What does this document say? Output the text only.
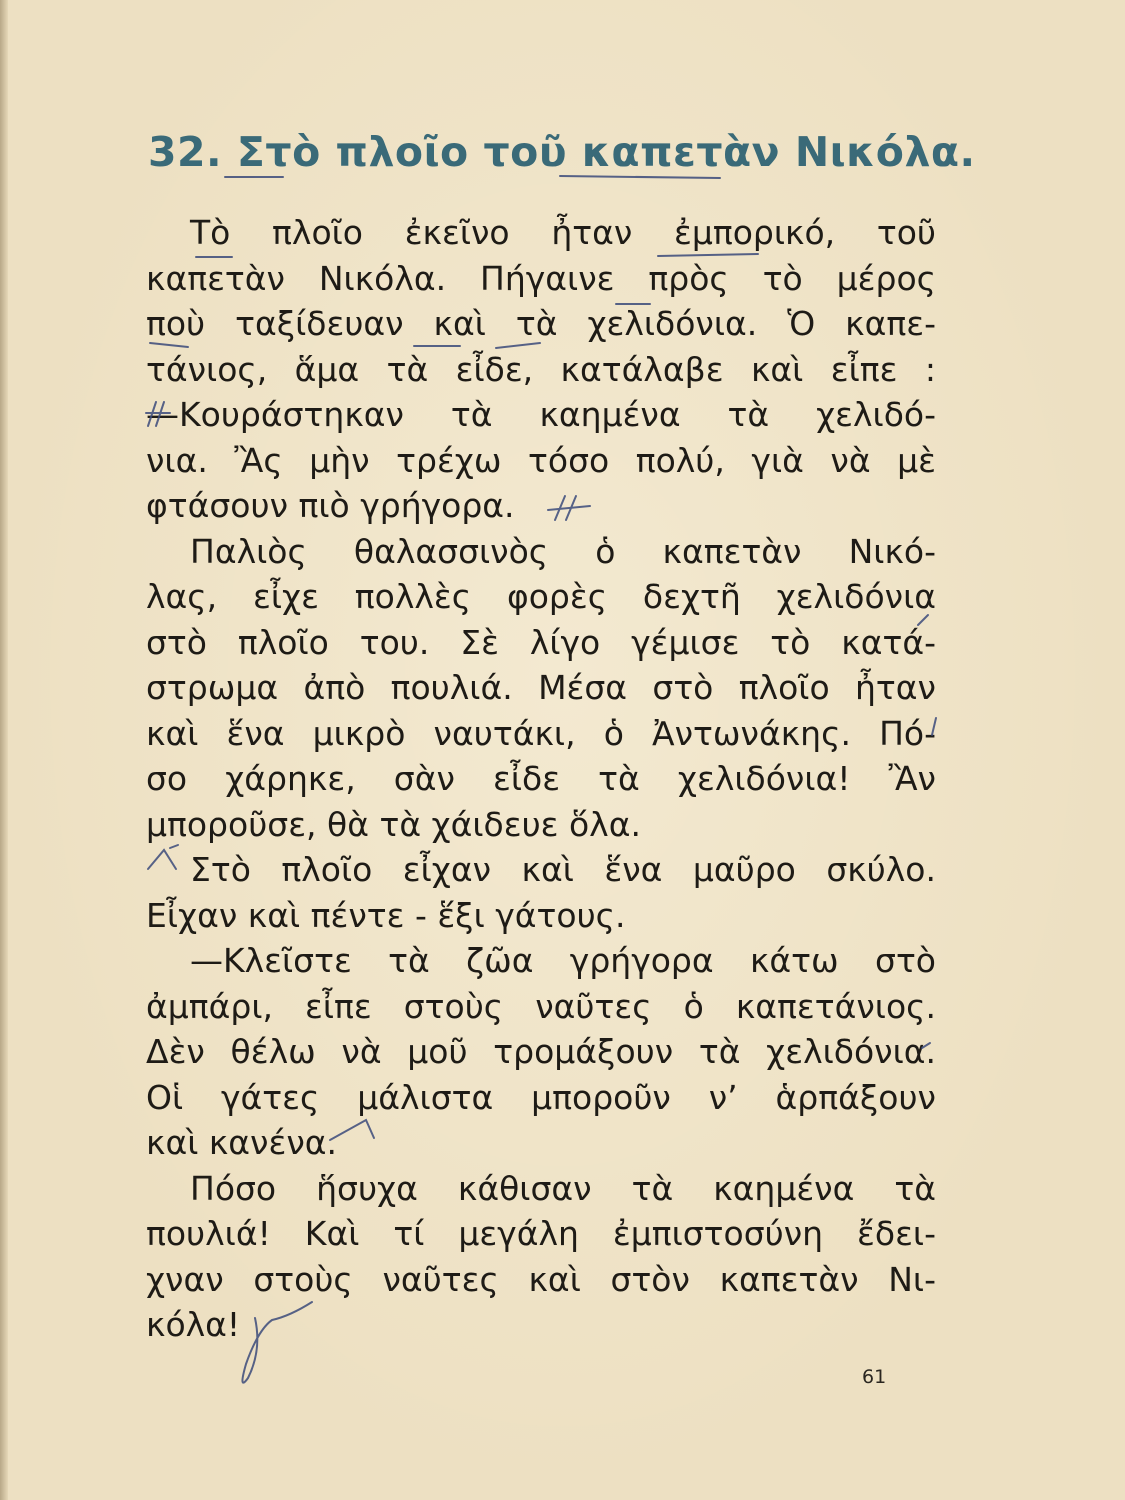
32. Στὸ πλοῖο τοῦ καπετὰν Νικόλα.
Τὸ πλοῖο ἐκεῖνο ἦταν ἐμπορικό, τοῦ
καπετὰν Νικόλα. Πήγαινε πρὸς τὸ μέρος
ποὺ ταξίδευαν καὶ τὰ χελιδόνια. Ὁ καπε-
τάνιος, ἅμα τὰ εἶδε, κατάλαβε καὶ εἶπε :
—Κουράστηκαν τὰ καημένα τὰ χελιδό-
νια. Ἂς μὴν τρέχω τόσο πολύ, γιὰ νὰ μὲ
φτάσουν πιὸ γρήγορα.
Παλιὸς θαλασσινὸς ὁ καπετὰν Νικό-
λας, εἶχε πολλὲς φορὲς δεχτῆ χελιδόνια
στὸ πλοῖο του. Σὲ λίγο γέμισε τὸ κατά-
στρωμα ἀπὸ πουλιά. Μέσα στὸ πλοῖο ἦταν
καὶ ἕνα μικρὸ ναυτάκι, ὁ Ἀντωνάκης. Πό-
σο χάρηκε, σὰν εἶδε τὰ χελιδόνια! Ἂν
μποροῦσε, θὰ τὰ χάιδευε ὅλα.
Στὸ πλοῖο εἶχαν καὶ ἕνα μαῦρο σκύλο.
Εἶχαν καὶ πέντε - ἕξι γάτους.
—Κλεῖστε τὰ ζῶα γρήγορα κάτω στὸ
ἀμπάρι, εἶπε στοὺς ναῦτες ὁ καπετάνιος.
Δὲν θέλω νὰ μοῦ τρομάξουν τὰ χελιδόνια.
Οἱ γάτες μάλιστα μποροῦν ν’ ἁρπάξουν
καὶ κανένα.
Πόσο ἥσυχα κάθισαν τὰ καημένα τὰ
πουλιά! Καὶ τί μεγάλη ἐμπιστοσύνη ἔδει-
χναν στοὺς ναῦτες καὶ στὸν καπετὰν Νι-
κόλα!
61
